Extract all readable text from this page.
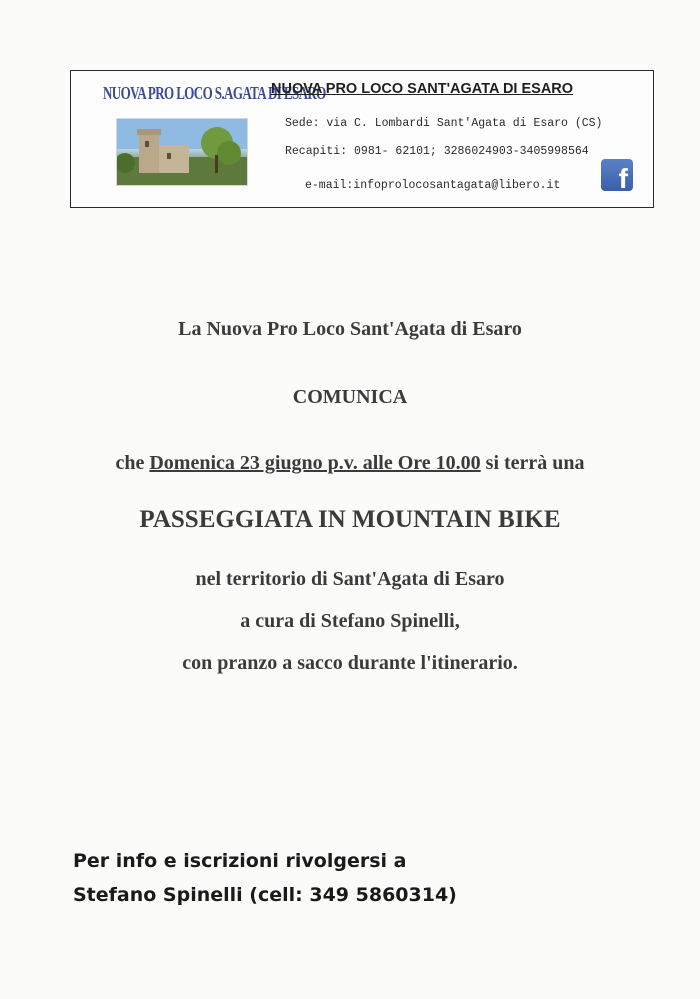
NUOVA PRO LOCO S.AGATA DI ESARO
NUOVA PRO LOCO SANT'AGATA DI ESARO
Sede: via C. Lombardi Sant'Agata di Esaro (CS)
Recapiti: 0981- 62101; 3286024903-3405998564
e-mail:infoprolocosantagata@libero.it	f
La Nuova Pro Loco Sant'Agata di Esaro
COMUNICA
che Domenica 23 giugno p.v. alle Ore 10.00 si terrà una
PASSEGGIATA IN MOUNTAIN BIKE
nel territorio di Sant'Agata di Esaro
a cura di Stefano Spinelli,
con pranzo a sacco durante l'itinerario.
Per info e iscrizioni rivolgersi a
Stefano Spinelli (cell: 349 5860314)
